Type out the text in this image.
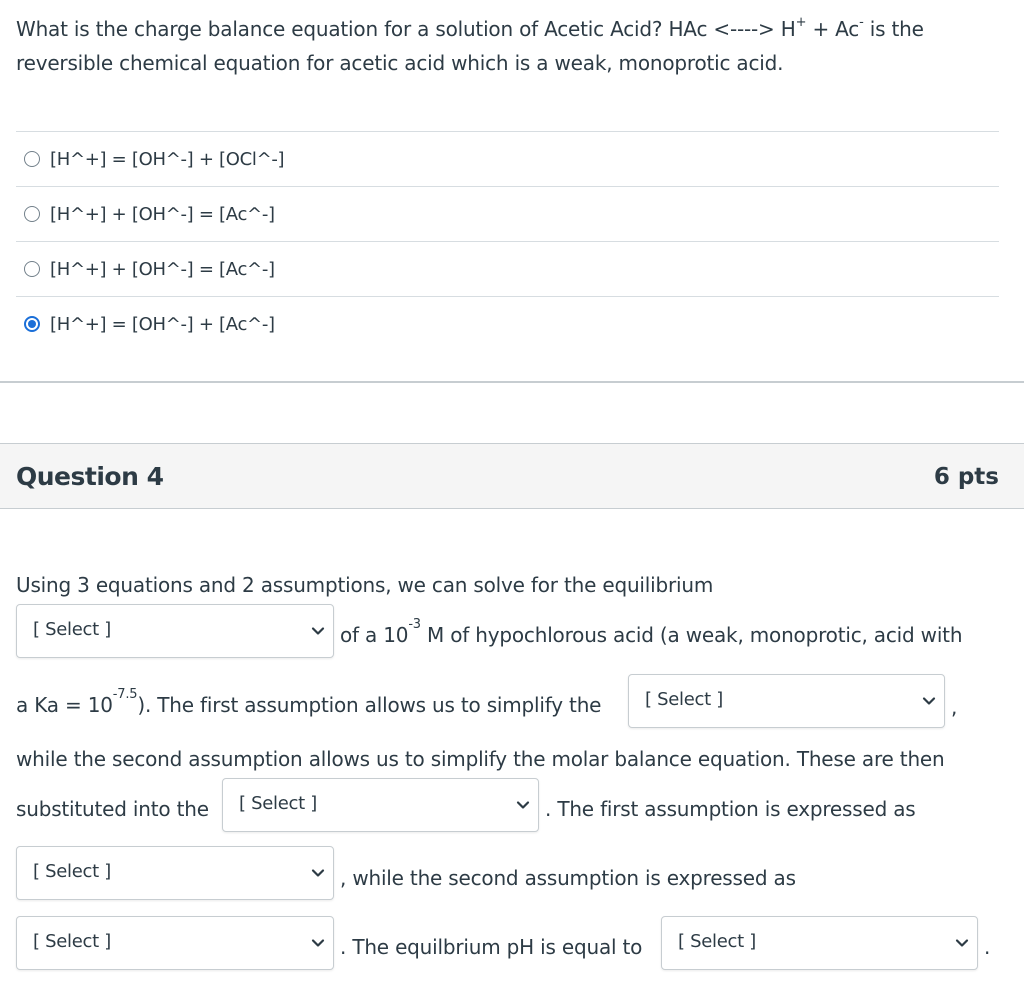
What is the charge balance equation for a solution of Acetic Acid? HAc <----> H+ + Ac- is the reversible chemical equation for acetic acid which is a weak, monoprotic acid.
[H^+] = [OH^-] + [OCl^-]
[H^+] + [OH^-] = [Ac^-]
[H^+] + [OH^-] = [Ac^-]
[H^+] = [OH^-] + [Ac^-]
Question 4	6 pts
Using 3 equations and 2 assumptions, we can solve for the equilibrium
[ Select ]	of a $10^{-3}$ M of hypochlorous acid (a weak, monoprotic, acid with
a $Ka = 10^{-7.5}$). The first assumption allows us to simplify the [ Select ]	,
while the second assumption allows us to simplify the molar balance equation. These are then
substituted into the [ Select ]	. The first assumption is expressed as
[ Select ]	, while the second assumption is expressed as
[ Select ]	. The equilbrium pH is equal to [ Select ]	.
